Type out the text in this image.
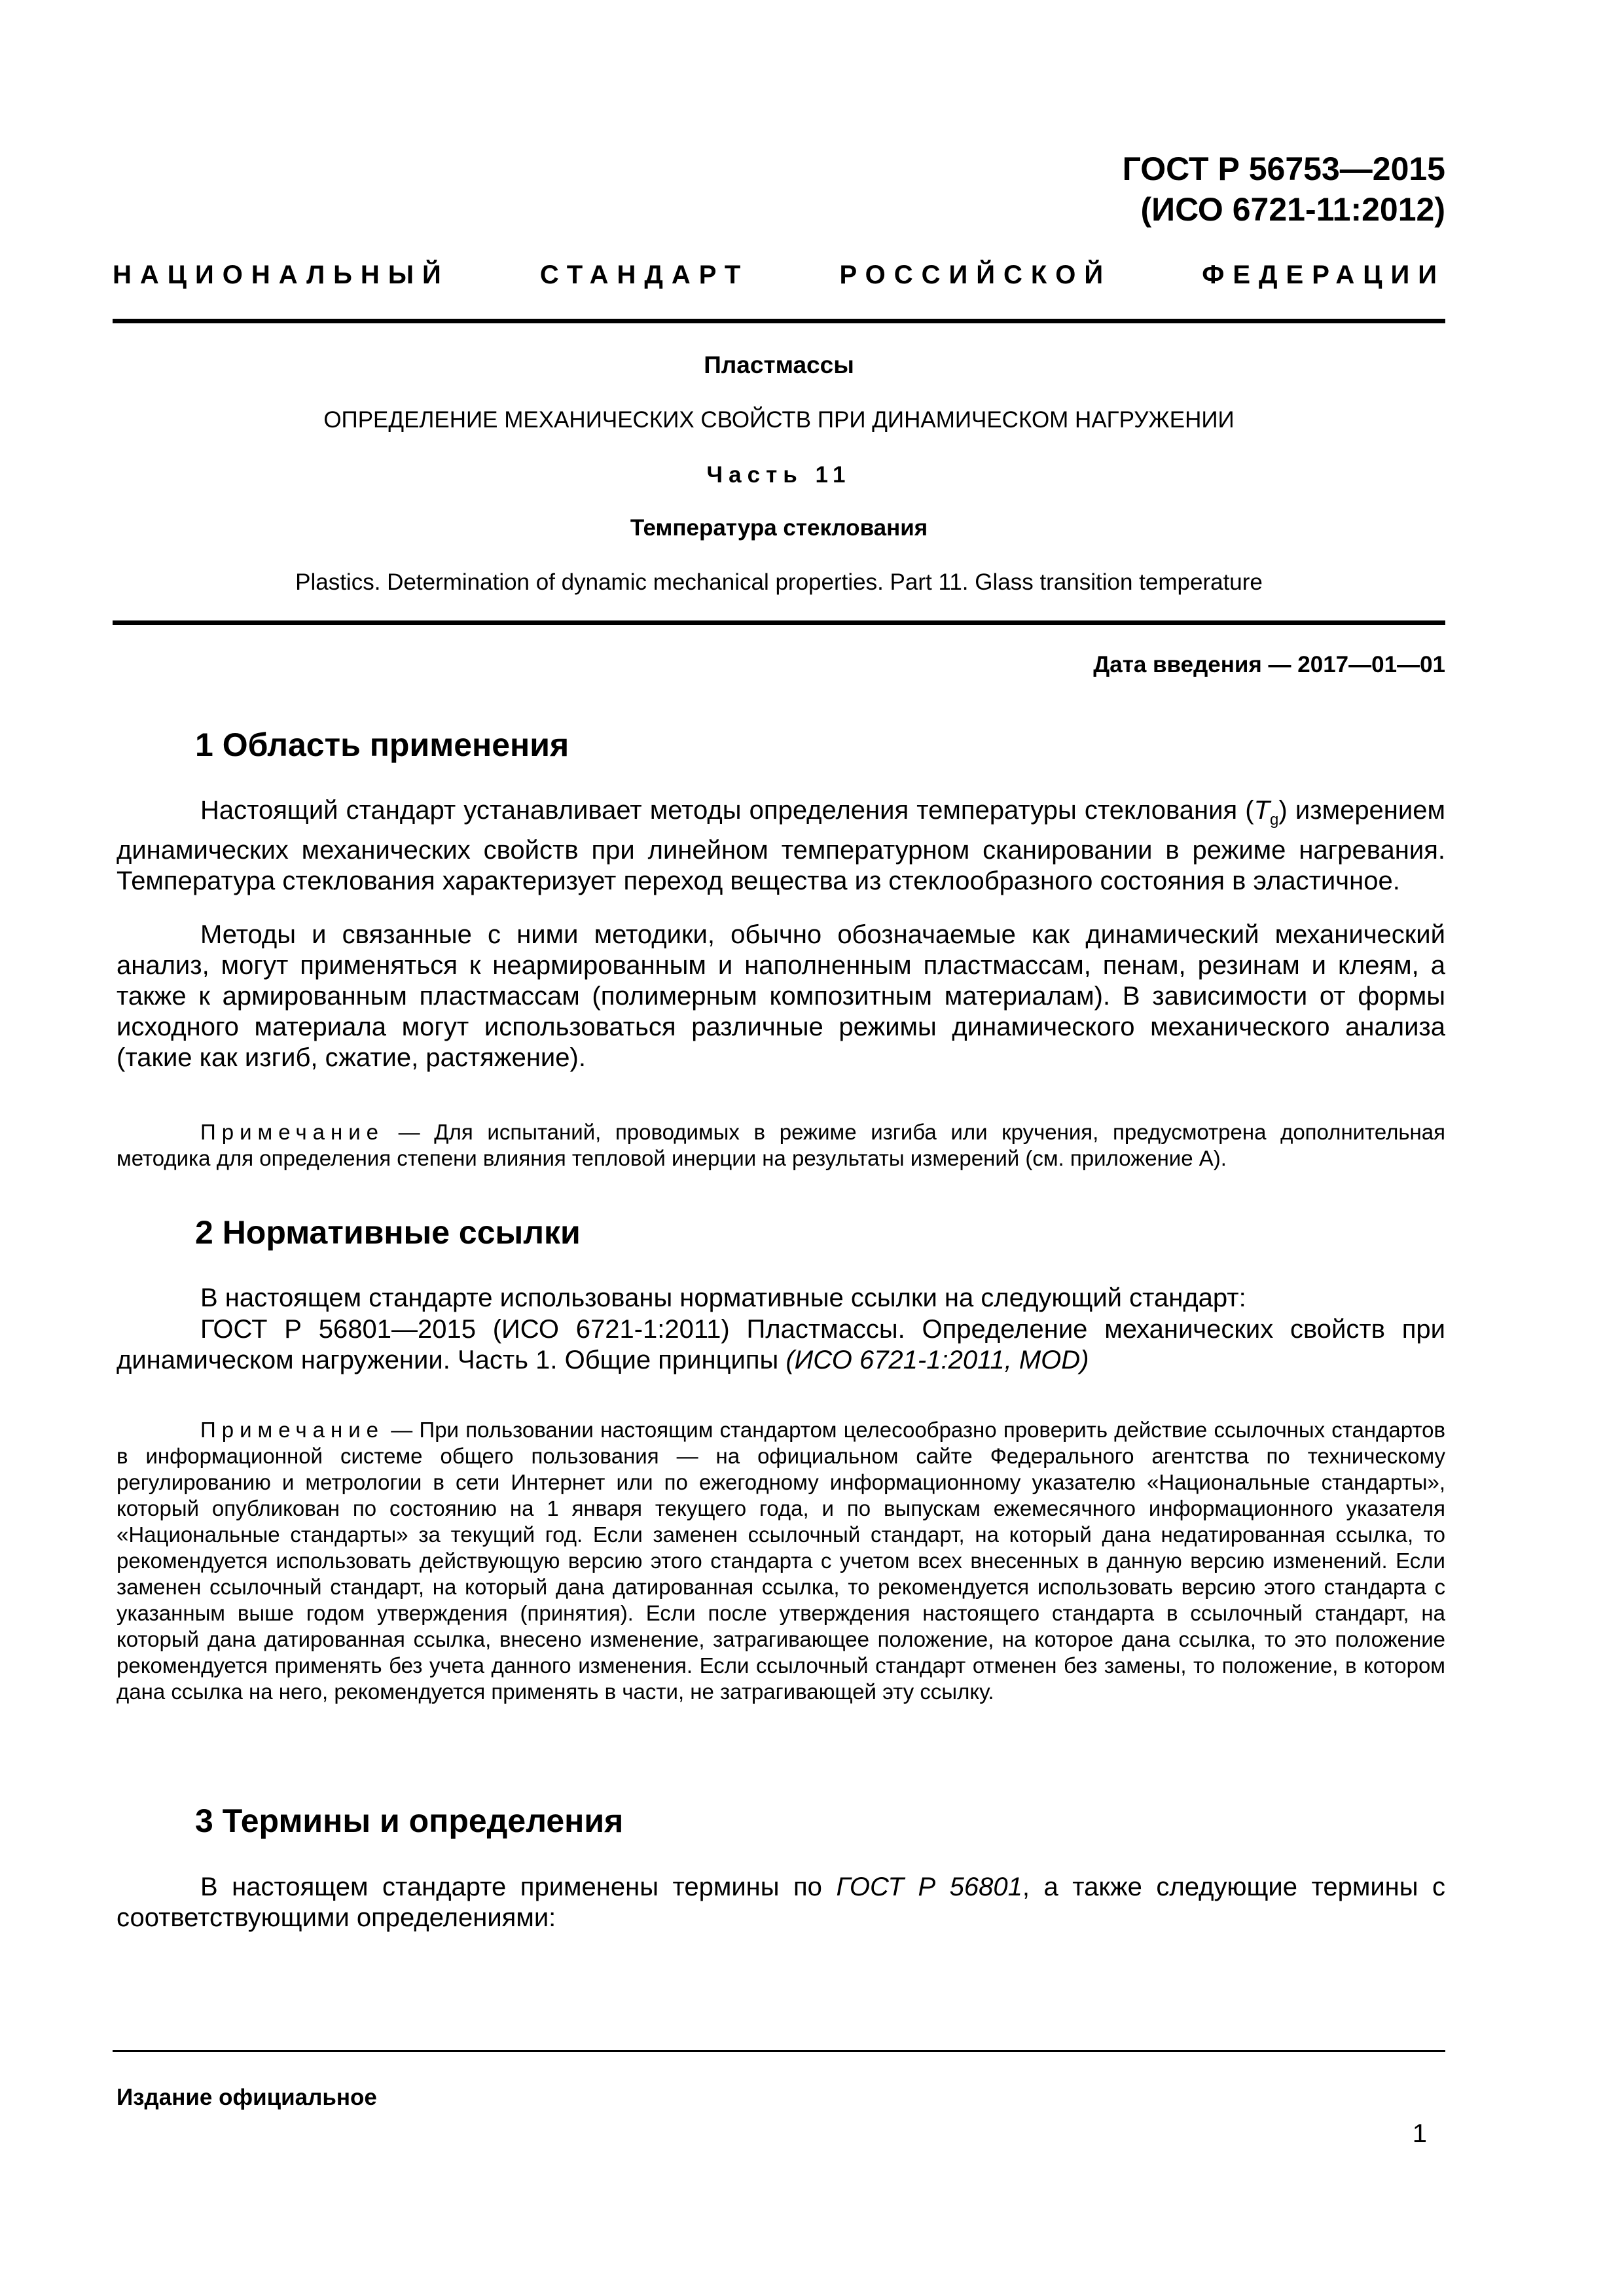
ГОСТ Р 56753—2015
(ИСО 6721-11:2012)
НАЦИОНАЛЬНЫЙ СТАНДАРТ РОССИЙСКОЙ ФЕДЕРАЦИИ
Пластмассы
ОПРЕДЕЛЕНИЕ МЕХАНИЧЕСКИХ СВОЙСТВ ПРИ ДИНАМИЧЕСКОМ НАГРУЖЕНИИ
Часть 11
Температура стеклования
Plastics. Determination of dynamic mechanical properties. Part 11. Glass transition temperature
Дата введения — 2017—01—01
1 Область применения

Настоящий стандарт устанавливает методы определения температуры стеклования $(T_g)$ измерением динамических механических свойств при линейном температурном сканировании в режиме нагревания. Температура стеклования характеризует переход вещества из стеклообразного состояния в эластичное.

Методы и связанные с ними методики, обычно обозначаемые как динамический механический анализ, могут применяться к неармированным и наполненным пластмассам, пенам, резинам и клеям, а также к армированным пластмассам (полимерным композитным материалам). В зависимости от формы исходного материала могут использоваться различные режимы динамического механического анализа (такие как изгиб, сжатие, растяжение).

Примечание — Для испытаний, проводимых в режиме изгиба или кручения, предусмотрена дополнительная методика для определения степени влияния тепловой инерции на результаты измерений (см. приложение А).

2 Нормативные ссылки

В настоящем стандарте использованы нормативные ссылки на следующий стандарт:

ГОСТ Р 56801—2015 (ИСО 6721-1:2011) Пластмассы. Определение механических свойств при динамическом нагружении. Часть 1. Общие принципы (ИСО 6721-1:2011, MOD)

Примечание — При пользовании настоящим стандартом целесообразно проверить действие ссылочных стандартов в информационной системе общего пользования — на официальном сайте Федерального агентства по техническому регулированию и метрологии в сети Интернет или по ежегодному информационному указателю «Национальные стандарты», который опубликован по состоянию на 1 января текущего года, и по выпускам ежемесячного информационного указателя «Национальные стандарты» за текущий год. Если заменен ссылочный стандарт, на который дана недатированная ссылка, то рекомендуется использовать действующую версию этого стандарта с учетом всех внесенных в данную версию изменений. Если заменен ссылочный стандарт, на который дана датированная ссылка, то рекомендуется использовать версию этого стандарта с указанным выше годом утверждения (принятия). Если после утверждения настоящего стандарта в ссылочный стандарт, на который дана датированная ссылка, внесено изменение, затрагивающее положение, на которое дана ссылка, то это положение рекомендуется применять без учета данного изменения. Если ссылочный стандарт отменен без замены, то положение, в котором дана ссылка на него, рекомендуется применять в части, не затрагивающей эту ссылку.

3 Термины и определения

В настоящем стандарте применены термины по ГОСТ Р 56801, а также следующие термины с соответствующими определениями:

Издание официальное
1
